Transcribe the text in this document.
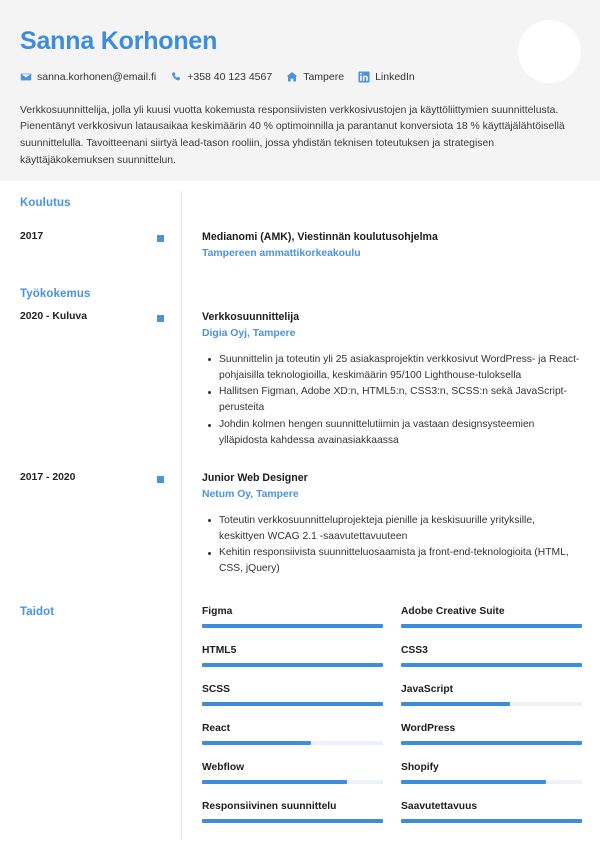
Sanna Korhonen
sanna.korhonen@email.fi	+358 40 123 4567	Tampere	LinkedIn
Verkkosuunnittelija, jolla yli kuusi vuotta kokemusta responsiivisten verkkosivustojen ja käyttöliittymien suunnittelusta. Pienentänyt verkkosivun latausaikaa keskimäärin 40 % optimoinnilla ja parantanut konversiota 18 % käyttäjälähtöisellä suunnittelulla. Tavoitteenani siirtyä lead-tason rooliin, jossa yhdistän teknisen toteutuksen ja strategisen käyttäjäkokemuksen suunnittelun.
Koulutus
2017	Medianomi (AMK), Viestinnän koulutusohjelma
Tampereen ammattikorkeakoulu
Työkokemus
2020 - Kuluva	Verkkosuunnittelija
Digia Oyj, Tampere
Suunnittelin ja toteutin yli 25 asiakasprojektin verkkosivut WordPress- ja React-pohjaisilla teknologioilla, keskimäärin 95/100 Lighthouse-tuloksella
Hallitsen Figman, Adobe XD:n, HTML5:n, CSS3:n, SCSS:n sekä JavaScript-perusteita
Johdin kolmen hengen suunnittelutiimin ja vastaan designsysteemien ylläpidosta kahdessa avainasiakkaassa
2017 - 2020	Junior Web Designer
Netum Oy, Tampere
Toteutin verkkosuunnitteluprojekteja pienille ja keskisuurille yrityksille, keskittyen WCAG 2.1 -saavutettavuuteen
Kehitin responsiivista suunnitteluosaamista ja front-end-teknologioita (HTML, CSS, jQuery)
Taidot	Figma	Adobe Creative Suite
HTML5	CSS3
SCSS	JavaScript
React	WordPress
Webflow	Shopify
Responsiivinen suunnittelu	Saavutettavuus
